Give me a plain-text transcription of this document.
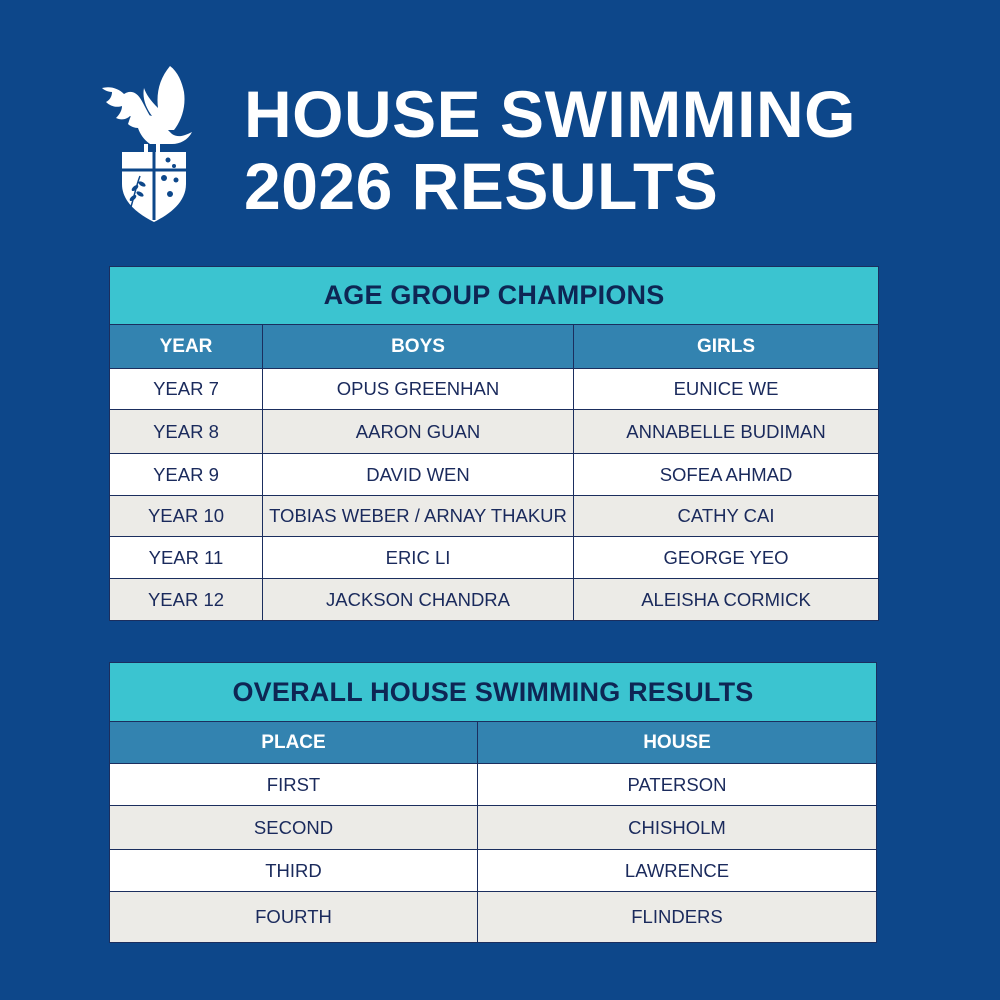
HOUSE SWIMMING
2026 RESULTS
AGE GROUP CHAMPIONS		
YEAR	BOYS	GIRLS
YEAR 7	OPUS GREENHAN	EUNICE WE
YEAR 8	AARON GUAN	ANNABELLE BUDIMAN
YEAR 9	DAVID WEN	SOFEA AHMAD
YEAR 10	TOBIAS WEBER / ARNAY THAKUR	CATHY CAI
YEAR 11	ERIC LI	GEORGE YEO
YEAR 12	JACKSON CHANDRA	ALEISHA CORMICK
OVERALL HOUSE SWIMMING RESULTS	
PLACE	HOUSE
FIRST	PATERSON
SECOND	CHISHOLM
THIRD	LAWRENCE
FOURTH	FLINDERS
